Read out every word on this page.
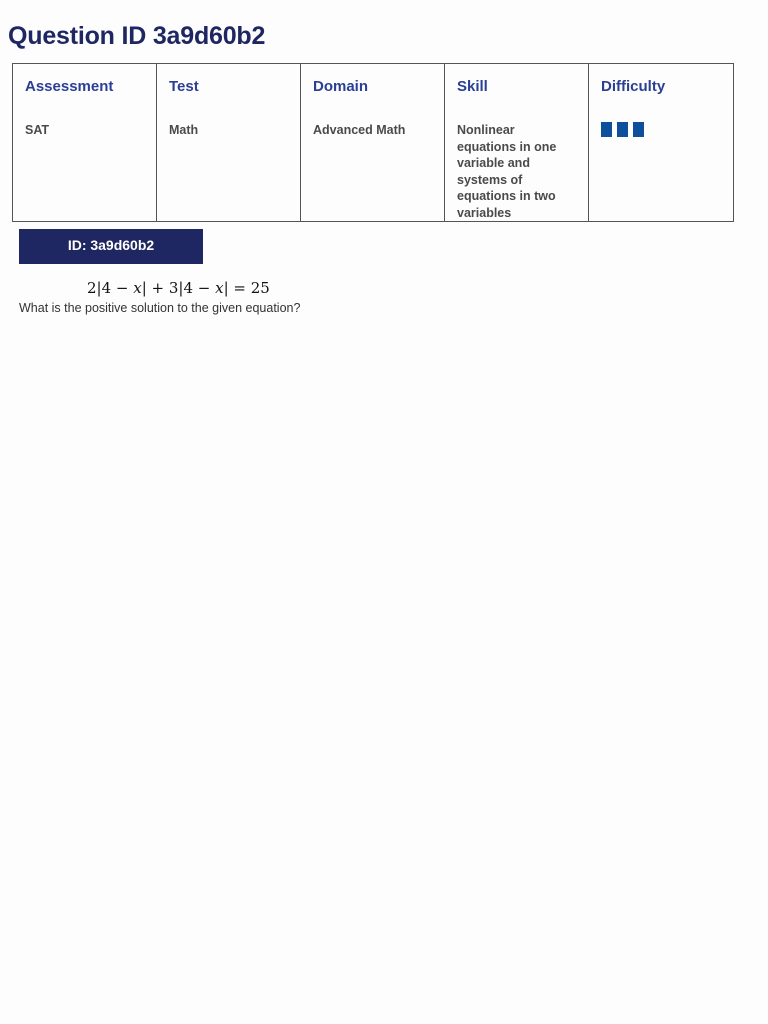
Question ID 3a9d60b2
Assessment	Test	Domain	Skill	Difficulty

SAT	Math	Advanced Math	Nonlinear equations in one variable and systems of equations in two variables	

ID: 3a9d60b2
2|4 − x| + 3|4 − x| = 25
What is the positive solution to the given equation?
